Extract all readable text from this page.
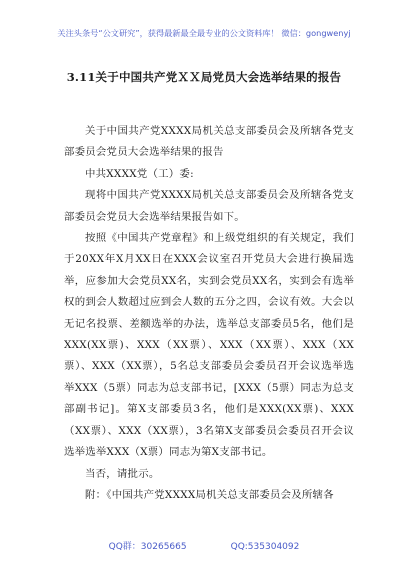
关注头条号“公文研究”，获得最新最全最专业的公文资料库！ 微信：gongwenyj
3.11关于中国共产党ＸＸ局党员大会选举结果的报告

关于中国共产党XXXX局机关总支部委员会及所辖各党支部委员会党员大会选举结果的报告

中共XXXX党（工）委:

现将中国共产党XXXX局机关总支部委员会及所辖各党支部委员会党员大会选举结果报告如下。

按照《中国共产党章程》和上级党组织的有关规定，我们于20XX年X月XX日在XXX会议室召开党员大会进行换届选举，应参加大会党员XX名，实到会党员XX名，实到会有选举权的到会人数超过应到会人数的五分之四，会议有效。大会以无记名投票、差额选举的办法，选举总支部委员5名，他们是XXX(XX票)、XXX（XX票）、XXX（XX票）、XXX（XX票）、XXX（XX票），5名总支部委员会委员召开会议选举选举XXX（5票）同志为总支部书记，[XXX（5票）同志为总支部副书记]。第X支部委员3名，他们是XXX(XX票)、XXX（XX票）、XXX（XX票），3名第X支部委员会委员召开会议选举选举XXX（X票）同志为第X支部书记。

当否，请批示。

附：《中国共产党XXXX局机关总支部委员会及所辖各

QQ群：30265665	QQ:535304092
